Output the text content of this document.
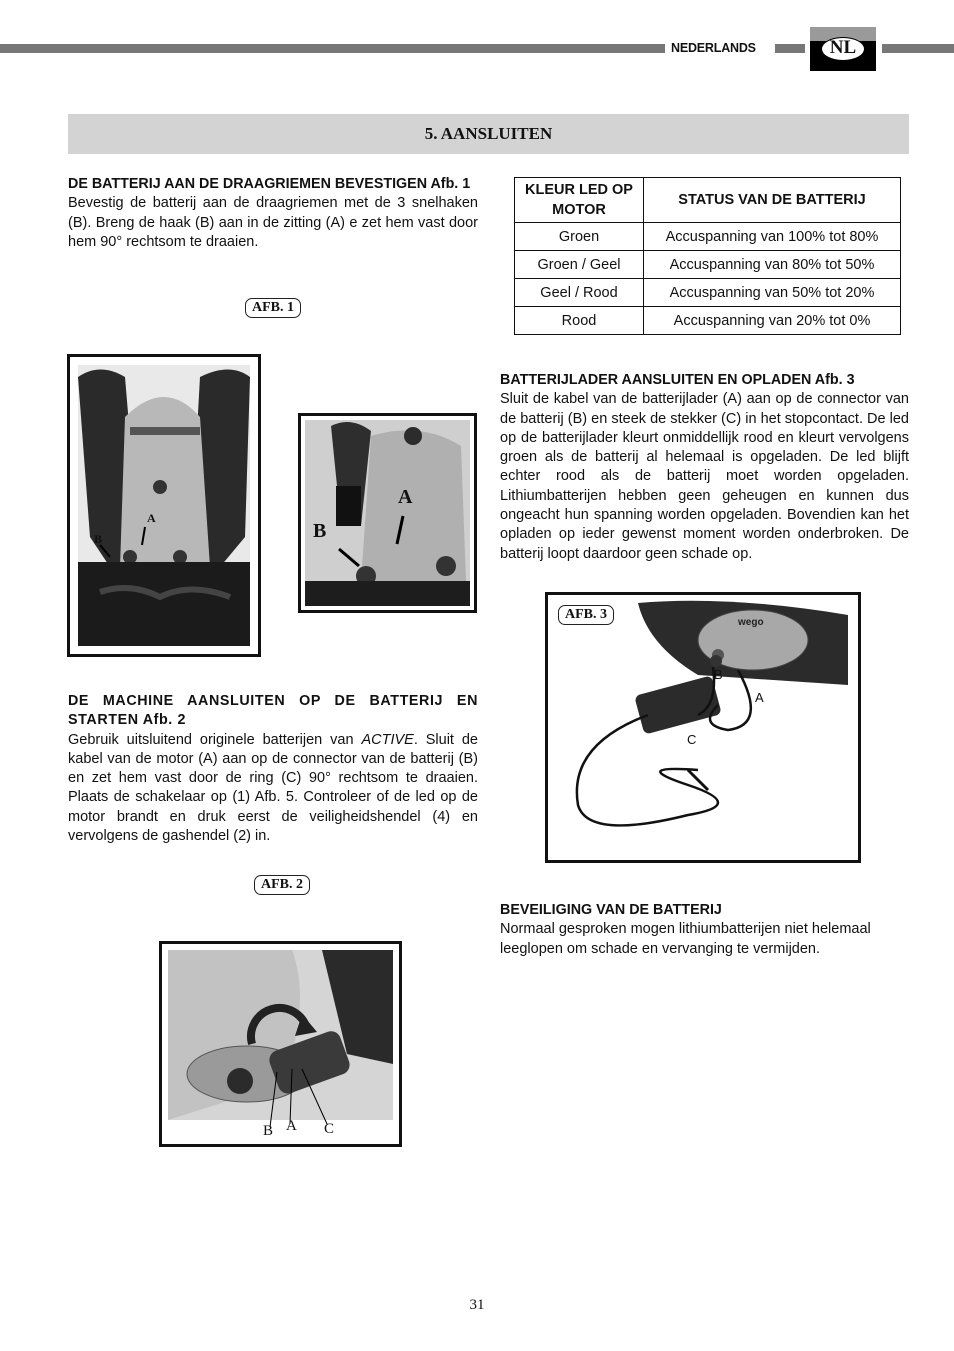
NEDERLANDS	NL
5. AANSLUITEN
DE BATTERIJ AAN DE DRAAGRIEMEN BEVESTIGEN Afb. 1
Bevestig de batterij aan de draagriemen met de 3 snelhaken (B). Breng de haak (B) aan in de zitting (A) e zet hem vast door hem 90° rechtsom te draaien.
AFB. 1
A
B
A
B
DE MACHINE AANSLUITEN OP DE BATTERIJ EN STARTEN Afb. 2
Gebruik uitsluitend originele batterijen van ACTIVE. Sluit de kabel van de motor (A) aan op de connector van de batterij (B) en zet hem vast door de ring (C) 90° rechtsom te draaien. Plaats de schakelaar op (1) Afb. 5. Controleer of de led op de motor brandt en druk eerst de veiligheidshendel (4) en vervolgens de gashendel (2) in.
AFB. 2
B A C
KLEUR LED OP MOTOR	STATUS VAN DE BATTERIJ
Groen	Accuspanning van 100% tot 80%
Groen / Geel	Accuspanning van 80% tot 50%
Geel / Rood	Accuspanning van 50% tot 20%
Rood	Accuspanning van 20% tot 0%
BATTERIJLADER AANSLUITEN EN OPLADEN Afb. 3
Sluit de kabel van de batterijlader (A) aan op de connector van de batterij (B) en steek de stekker (C) in het stopcontact. De led op de batterijlader kleurt onmiddellijk rood en kleurt vervolgens groen als de batterij al helemaal is opgeladen. De led blijft echter rood als de batterij moet worden opgeladen. Lithiumbatterijen hebben geen geheugen en kunnen dus ongeacht hun spanning worden opgeladen. Bovendien kan het opladen op ieder gewenst moment worden onderbroken. De batterij loopt daardoor geen schade op.
wego
AFB. 3
B
A
C
BEVEILIGING VAN DE BATTERIJ
Normaal gesproken mogen lithiumbatterijen niet helemaal leeglopen om schade en vervanging te vermijden.
31
